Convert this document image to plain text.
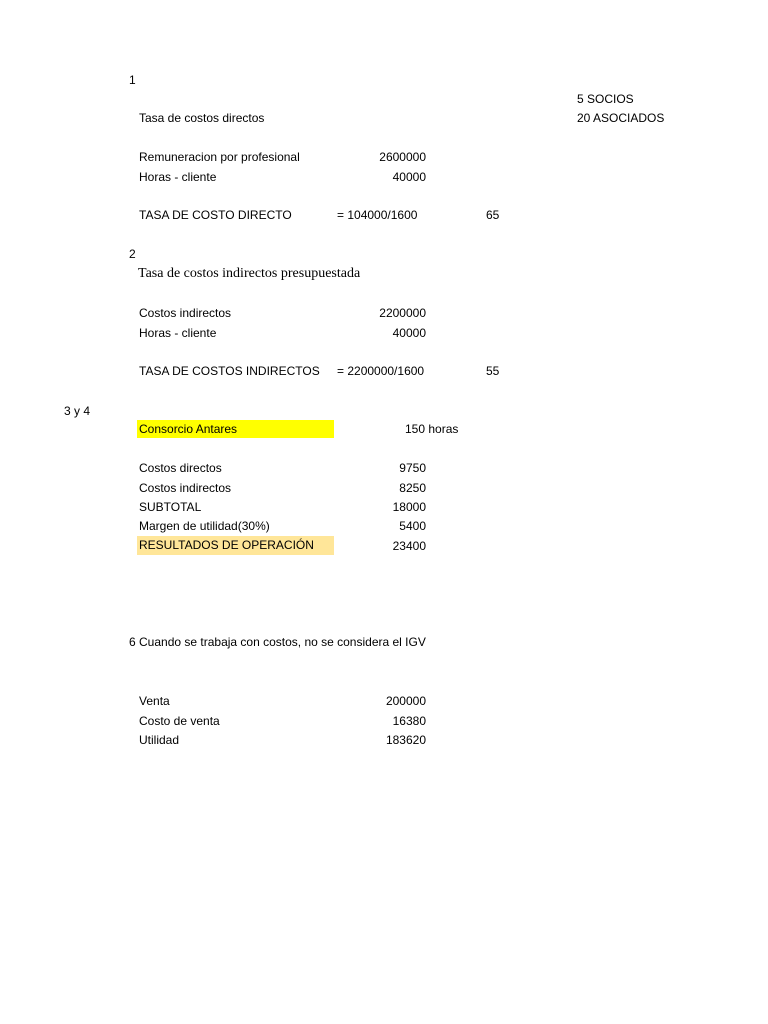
1
5 SOCIOS
Tasa de costos directos	20 ASOCIADOS
Remuneracion por profesional	2600000
Horas - cliente	40000
TASA DE COSTO DIRECTO	= 104000/1600	65
2
Tasa de costos indirectos presupuestada
Costos indirectos	2200000
Horas - cliente	40000
TASA DE COSTOS INDIRECTOS = 2200000/1600	55
3 y 4
Consorcio Antares	150 horas
Costos directos	9750
Costos indirectos	8250
SUBTOTAL	18000
Margen de utilidad(30%)	5400
RESULTADOS DE OPERACIÓN	23400
6 Cuando se trabaja con costos, no se considera el IGV
Venta	200000
Costo de venta	16380
Utilidad	183620
